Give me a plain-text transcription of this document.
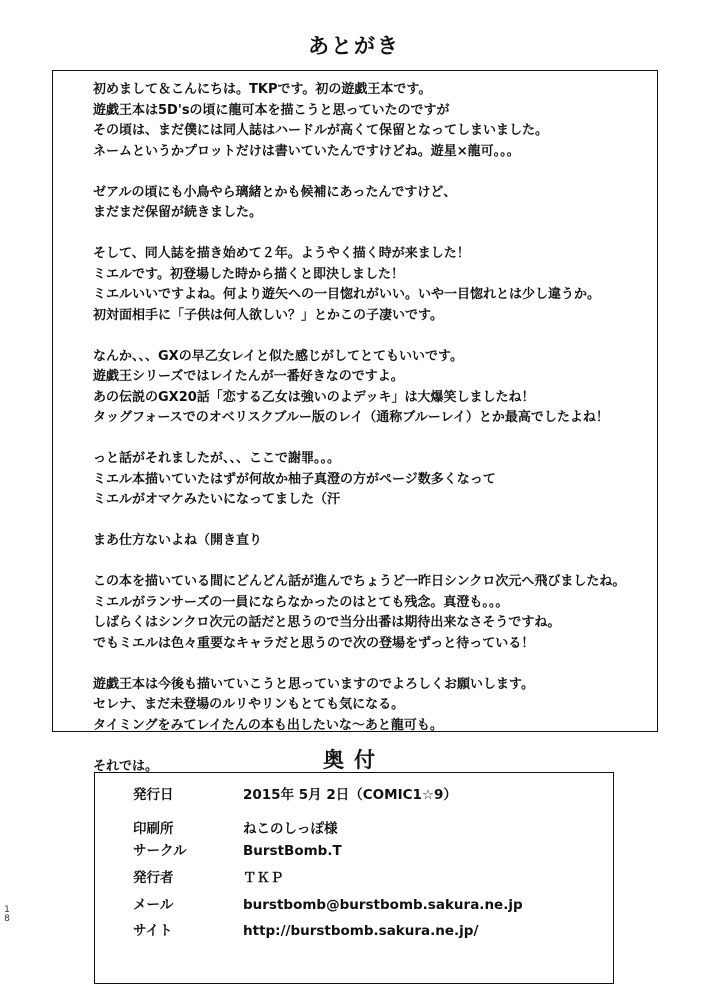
あとがき
初めまして＆こんにちは。TKPです。初の遊戯王本です。
遊戯王本は5D'sの頃に龍可本を描こうと思っていたのですが
その頃は、まだ僕には同人誌はハードルが高くて保留となってしまいました。
ネームというかプロットだけは書いていたんですけどね。遊星×龍可。。。

ゼアルの頃にも小鳥やら璃緒とかも候補にあったんですけど、
まだまだ保留が続きました。

そして、同人誌を描き始めて２年。ようやく描く時が来ました！
ミエルです。初登場した時から描くと即決しました！
ミエルいいですよね。何より遊矢への一目惚れがいい。いや一目惚れとは少し違うか。
初対面相手に「子供は何人欲しい？」とかこの子凄いです。

なんか、、、GXの早乙女レイと似た感じがしてとてもいいです。
遊戯王シリーズではレイたんが一番好きなのですよ。
あの伝説のGX20話「恋する乙女は強いのよデッキ」は大爆笑しましたね！
タッグフォースでのオベリスクブルー版のレイ（通称ブルーレイ）とか最高でしたよね！

っと話がそれましたが、、、ここで謝罪。。。
ミエル本描いていたはずが何故か柚子真澄の方がページ数多くなって
ミエルがオマケみたいになってました（汗

まあ仕方ないよね（開き直り

この本を描いている間にどんどん話が進んでちょうど一昨日シンクロ次元へ飛びましたね。
ミエルがランサーズの一員にならなかったのはとても残念。真澄も。。。
しばらくはシンクロ次元の話だと思うので当分出番は期待出来なさそうですね。
でもミエルは色々重要なキャラだと思うので次の登場をずっと待っている！

遊戯王本は今後も描いていこうと思っていますのでよろしくお願いします。
セレナ、まだ未登場のルリやリンもとても気になる。
タイミングをみてレイたんの本も出したいな～あと龍可も。

それでは。	奥付
発行日	2015年 5月 2日（COMIC1☆9）
印刷所	ねこのしっぽ様
サークル	BurstBomb.T
発行者	ＴＫＰ
メール	burstbomb@burstbomb.sakura.ne.jp
サイト	http://burstbomb.sakura.ne.jp/
1
8
